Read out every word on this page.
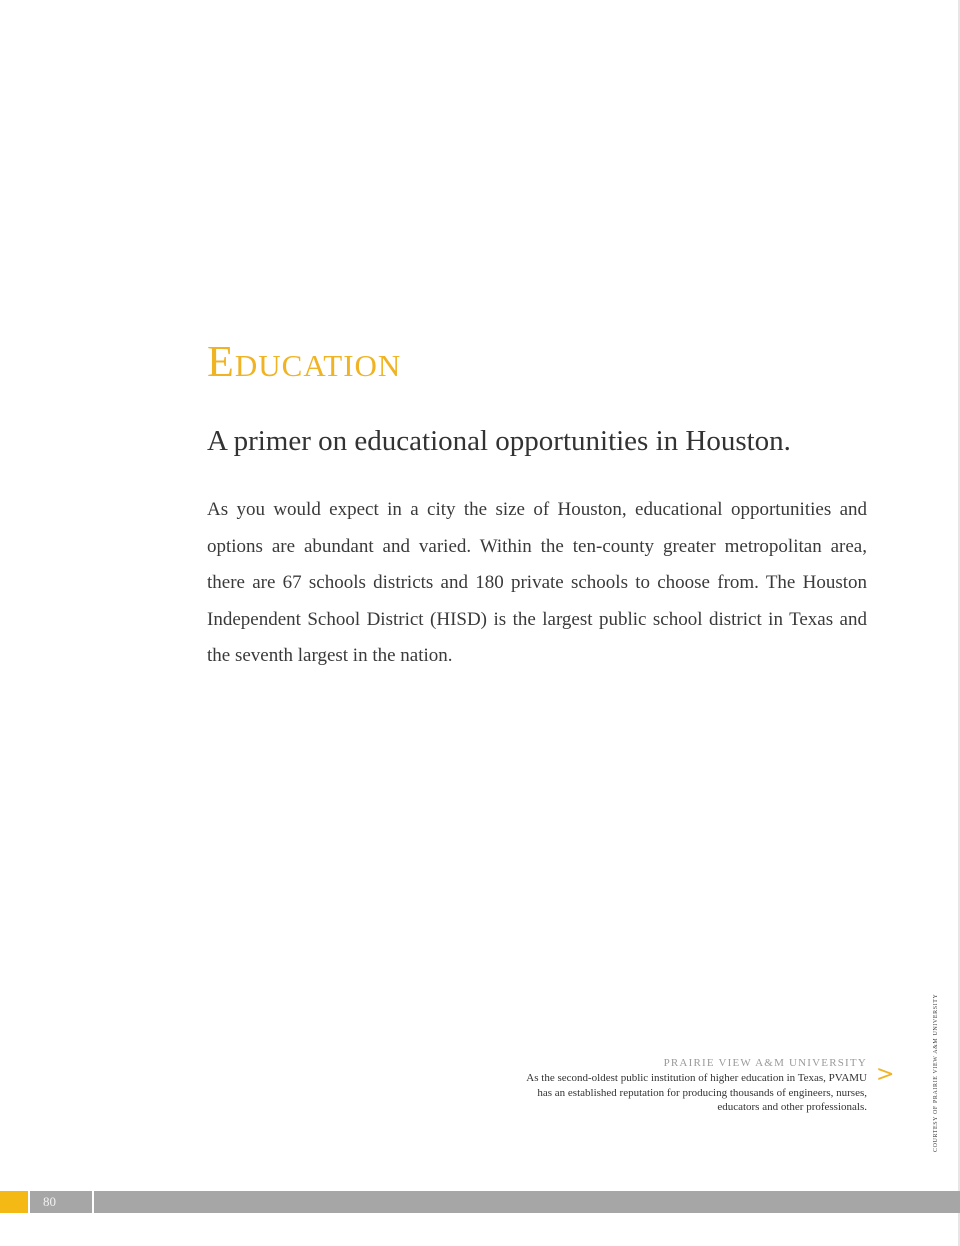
Education
A primer on educational opportunities in Houston.

As you would expect in a city the size of Houston, educational opportunities and options are abundant and varied. Within the ten-county greater metropolitan area, there are 67 schools districts and 180 private schools to choose from. The Houston Independent School District (HISD) is the largest public school district in Texas and the seventh largest in the nation.

PRAIRIE VIEW A&M UNIVERSITY
As the second-oldest public institution of higher education in Texas, PVAMU has an established reputation for producing thousands of engineers, nurses, educators and other professionals.
>	COURTESY OF PRAIRIE VIEW A&M UNIVERSITY
80
